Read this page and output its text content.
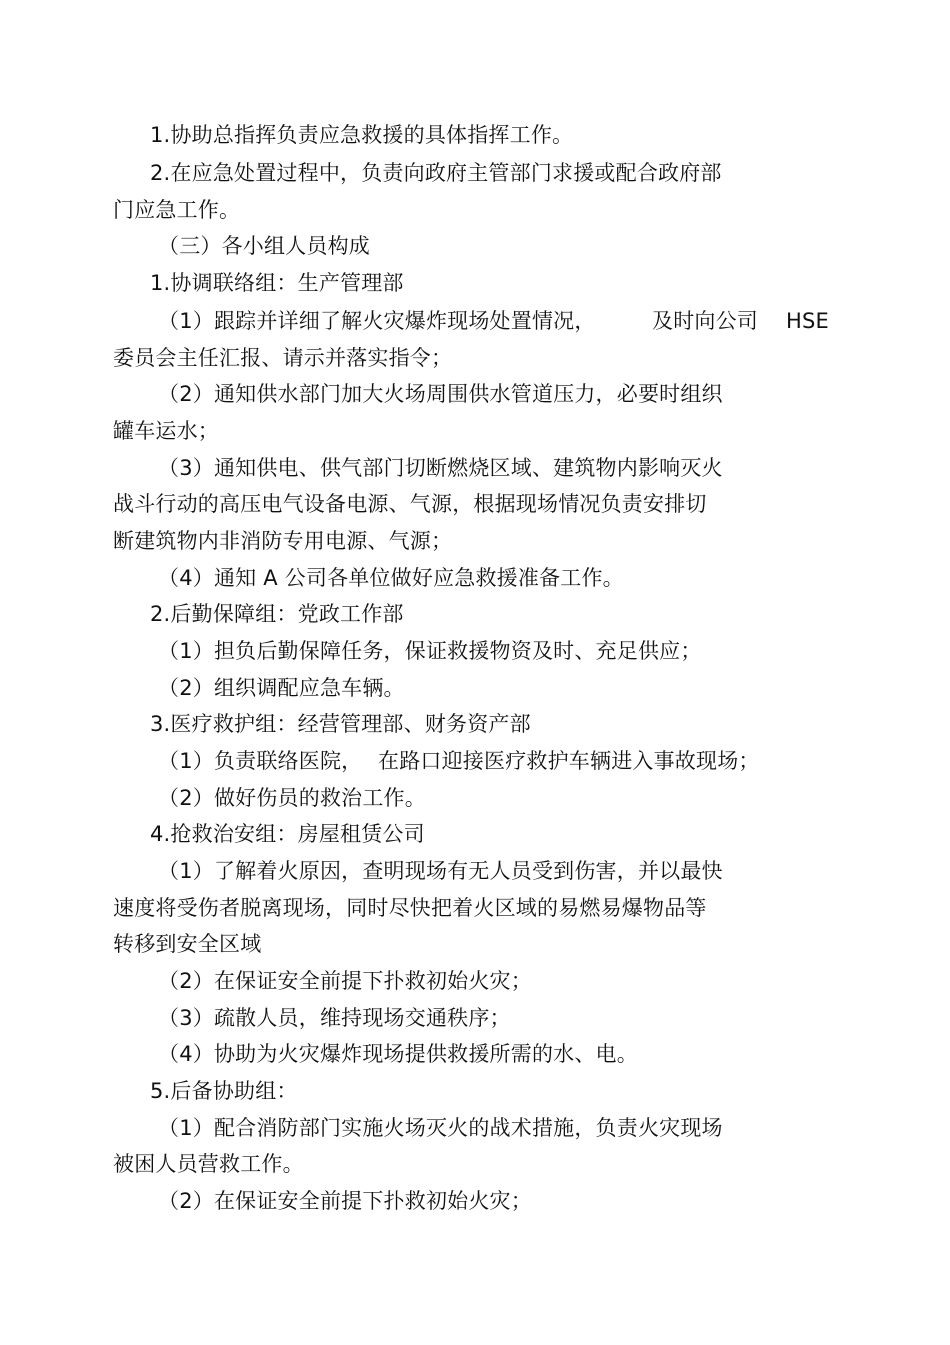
1.协助总指挥负责应急救援的具体指挥工作。
2.在应急处置过程中，负责向政府主管部门求援或配合政府部
门应急工作。
（三）各小组人员构成
1.协调联络组：生产管理部
（1）跟踪并详细了解火灾爆炸现场处置情况，	及时向公司 HSE
委员会主任汇报、请示并落实指令；
（2）通知供水部门加大火场周围供水管道压力，必要时组织
罐车运水；
（3）通知供电、供气部门切断燃烧区域、建筑物内影响灭火
战斗行动的高压电气设备电源、气源，根据现场情况负责安排切
断建筑物内非消防专用电源、气源；
（4）通知 A 公司各单位做好应急救援准备工作。
2.后勤保障组：党政工作部
（1）担负后勤保障任务，保证救援物资及时、充足供应；
（2）组织调配应急车辆。
3.医疗救护组：经营管理部、财务资产部
（1）负责联络医院， 在路口迎接医疗救护车辆进入事故现场；
（2）做好伤员的救治工作。
4.抢救治安组：房屋租赁公司
（1）了解着火原因，查明现场有无人员受到伤害，并以最快
速度将受伤者脱离现场，同时尽快把着火区域的易燃易爆物品等
转移到安全区域
（2）在保证安全前提下扑救初始火灾；
（3）疏散人员，维持现场交通秩序；
（4）协助为火灾爆炸现场提供救援所需的水、电。
5.后备协助组：
（1）配合消防部门实施火场灭火的战术措施，负责火灾现场
被困人员营救工作。
（2）在保证安全前提下扑救初始火灾；
